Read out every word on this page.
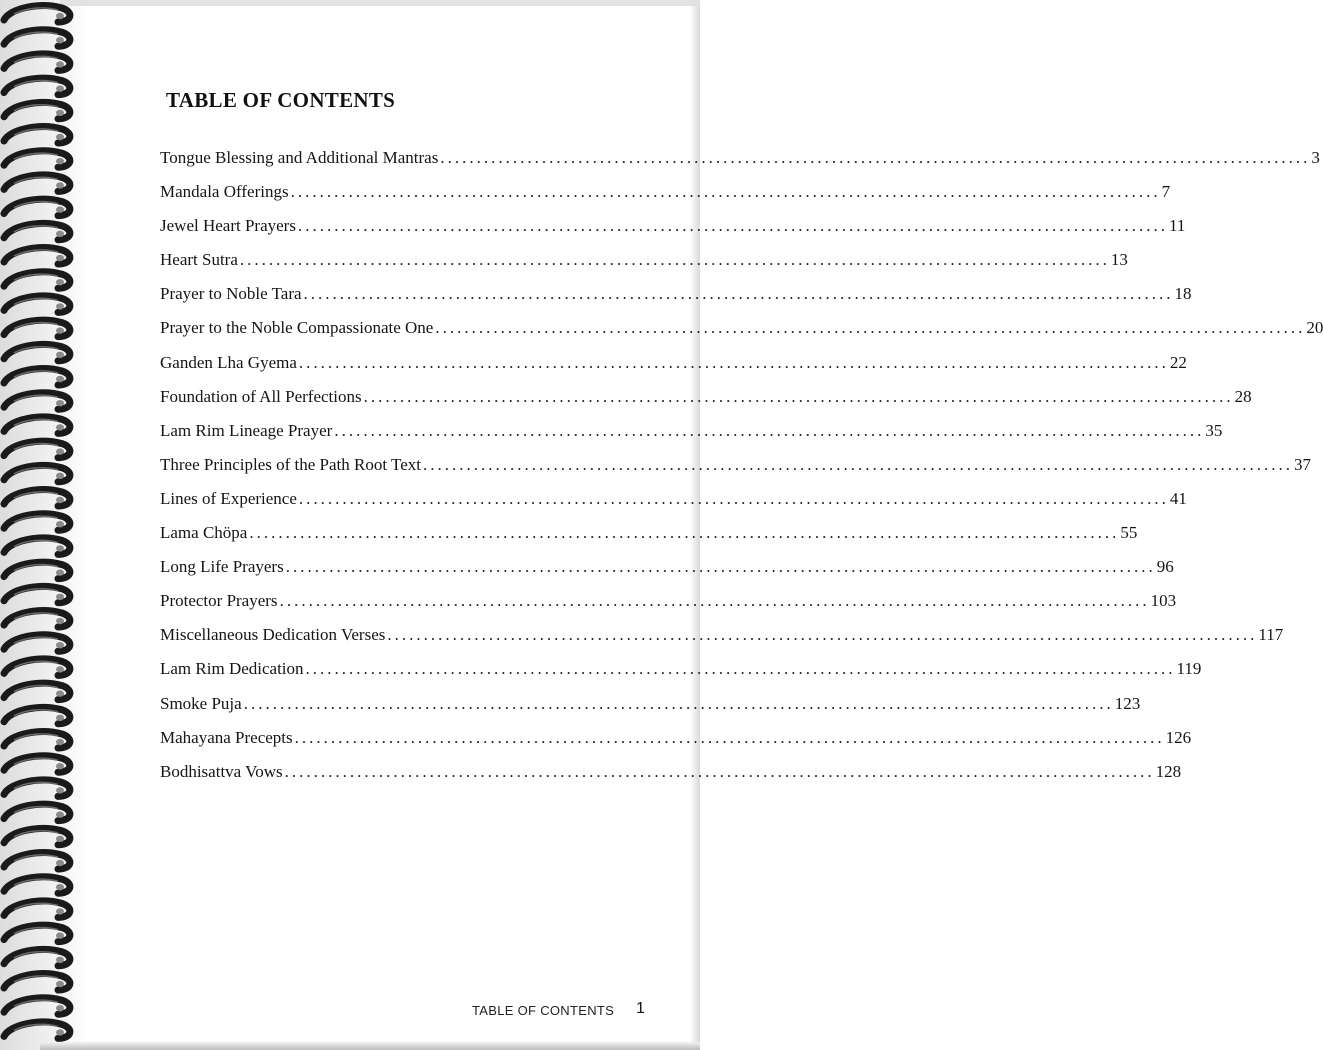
TABLE OF CONTENTS
Tongue Blessing and Additional Mantras ........................................................................................................................ 3
Mandala Offerings ........................................................................................................................ 7
Jewel Heart Prayers ........................................................................................................................ 11
Heart Sutra ........................................................................................................................ 13
Prayer to Noble Tara ........................................................................................................................ 18
Prayer to the Noble Compassionate One ........................................................................................................................ 20
Ganden Lha Gyema ........................................................................................................................ 22
Foundation of All Perfections ........................................................................................................................ 28
Lam Rim Lineage Prayer ........................................................................................................................ 35
Three Principles of the Path Root Text ........................................................................................................................ 37
Lines of Experience ........................................................................................................................ 41
Lama Chöpa ........................................................................................................................ 55
Long Life Prayers ........................................................................................................................ 96
Protector Prayers ........................................................................................................................ 103
Miscellaneous Dedication Verses ........................................................................................................................ 117
Lam Rim Dedication ........................................................................................................................ 119
Smoke Puja ........................................................................................................................ 123
Mahayana Precepts ........................................................................................................................ 126
Bodhisattva Vows ........................................................................................................................ 128
TABLE OF CONTENTS 1
